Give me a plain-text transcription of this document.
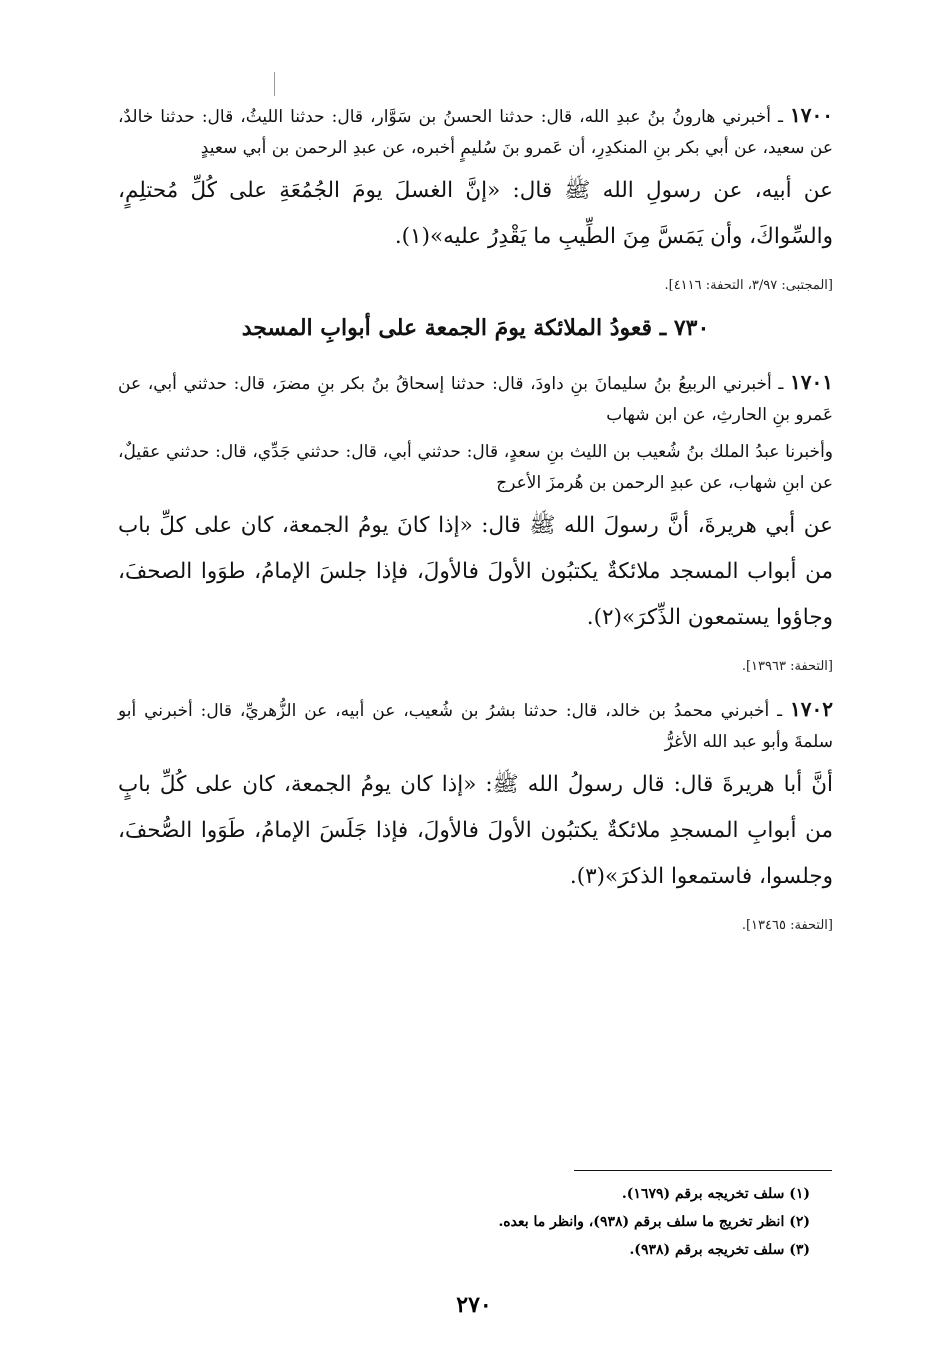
١٧٠٠ ـ أخبرني هارونُ بنُ عبدِ الله، قال: حدثنا الحسنُ بن سَوَّار، قال: حدثنا الليثُ، قال: حدثنا خالدٌ، عن سعيد، عن أبي بكر بنِ المنكدِرِ، أن عَمرو بنَ سُليمٍ أخبره، عن عبدِ الرحمن بن أبي سعيدٍ

عن أبيه، عن رسولِ الله ﷺ قال: «إنَّ الغسلَ يومَ الجُمُعَةِ على كُلِّ مُحتلِمٍ، والسِّواكَ، وأن يَمَسَّ مِنَ الطِّيبِ ما يَقْدِرُ عليه»(١).

[المجتبى: ٣/٩٧، التحفة: ٤١١٦].
٧٣٠ ـ قعودُ الملائكة يومَ الجمعة على أبوابِ المسجد

١٧٠١ ـ أخبرني الربيعُ بنُ سليمانَ بنِ داودَ، قال: حدثنا إسحاقُ بنُ بكر بنِ مضرَ، قال: حدثني أبي، عن عَمرو بنِ الحارثِ، عن ابن شهاب

وأخبرنا عبدُ الملك بنُ شُعيب بن الليث بنِ سعدٍ، قال: حدثني أبي، قال: حدثني جَدِّي، قال: حدثني عقيلٌ، عن ابنِ شهاب، عن عبدِ الرحمن بن هُرمزَ الأعرج

عن أبي هريرةَ، أنَّ رسولَ الله ﷺ قال: «إذا كانَ يومُ الجمعة، كان على كلِّ باب من أبواب المسجد ملائكةٌ يكتبُون الأولَ فالأولَ، فإذا جلسَ الإمامُ، طوَوا الصحفَ، وجاؤوا يستمعون الذِّكرَ»(٢).

[التحفة: ١٣٩٦٣].

١٧٠٢ ـ أخبرني محمدُ بن خالد، قال: حدثنا بشرُ بن شُعيب، عن أبيه، عن الزُّهريِّ، قال: أخبرني أبو سلمةَ وأبو عبد الله الأغرُّ

أنَّ أبا هريرةَ قال: قال رسولُ الله ﷺ: «إذا كان يومُ الجمعة، كان على كُلِّ بابٍ من أبوابِ المسجدِ ملائكةٌ يكتبُون الأولَ فالأولَ، فإذا جَلَسَ الإمامُ، طَوَوا الصُّحفَ، وجلسوا، فاستمعوا الذكرَ»(٣).

[التحفة: ١٣٤٦٥].
(١) سلف تخريجه برقم (١٦٧٩).
(٢) انظر تخريج ما سلف برقم (٩٣٨)، وانظر ما بعده.
(٣) سلف تخريجه برقم (٩٣٨).
٢٧٠
